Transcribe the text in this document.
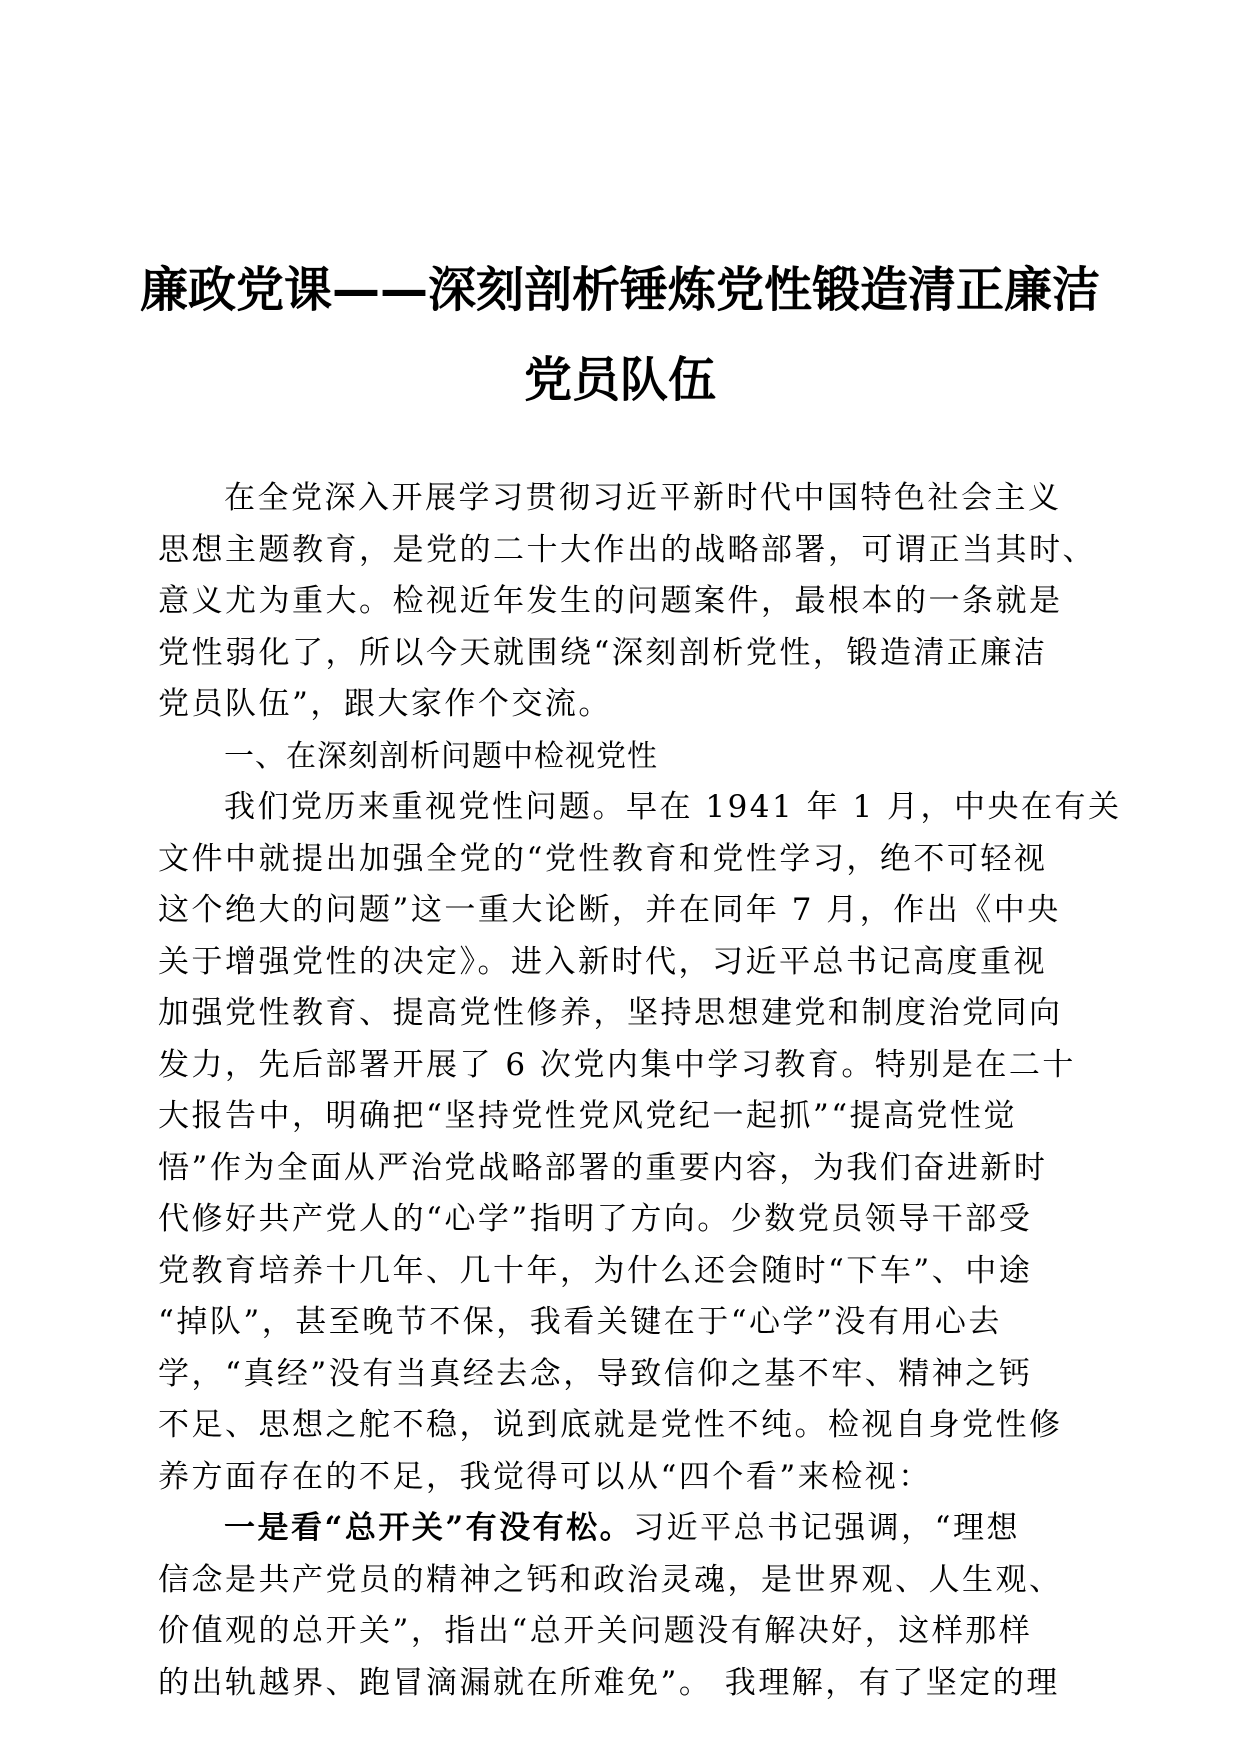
廉政党课——深刻剖析锤炼党性锻造清正廉洁
党员队伍
在全党深入开展学习贯彻习近平新时代中国特色社会主义
思想主题教育，是党的二十大作出的战略部署，可谓正当其时、
意义尤为重大。检视近年发生的问题案件，最根本的一条就是
党性弱化了，所以今天就围绕“深刻剖析党性，锻造清正廉洁
党员队伍”，跟大家作个交流。
一、在深刻剖析问题中检视党性
我们党历来重视党性问题。早在 1941 年 1 月，中央在有关
文件中就提出加强全党的“党性教育和党性学习，绝不可轻视
这个绝大的问题”这一重大论断，并在同年 7 月，作出《中央
关于增强党性的决定》。进入新时代，习近平总书记高度重视
加强党性教育、提高党性修养，坚持思想建党和制度治党同向
发力，先后部署开展了 6 次党内集中学习教育。特别是在二十
大报告中，明确把“坚持党性党风党纪一起抓”“提高党性觉
悟”作为全面从严治党战略部署的重要内容，为我们奋进新时
代修好共产党人的“心学”指明了方向。少数党员领导干部受
党教育培养十几年、几十年，为什么还会随时“下车”、中途
“掉队”，甚至晚节不保，我看关键在于“心学”没有用心去
学，“真经”没有当真经去念，导致信仰之基不牢、精神之钙
不足、思想之舵不稳，说到底就是党性不纯。检视自身党性修
养方面存在的不足，我觉得可以从“四个看”来检视：
一是看“总开关”有没有松。习近平总书记强调，“理想
信念是共产党员的精神之钙和政治灵魂，是世界观、人生观、
价值观的总开关”，指出“总开关问题没有解决好，这样那样
的出轨越界、跑冒滴漏就在所难免”。 我理解，有了坚定的理
